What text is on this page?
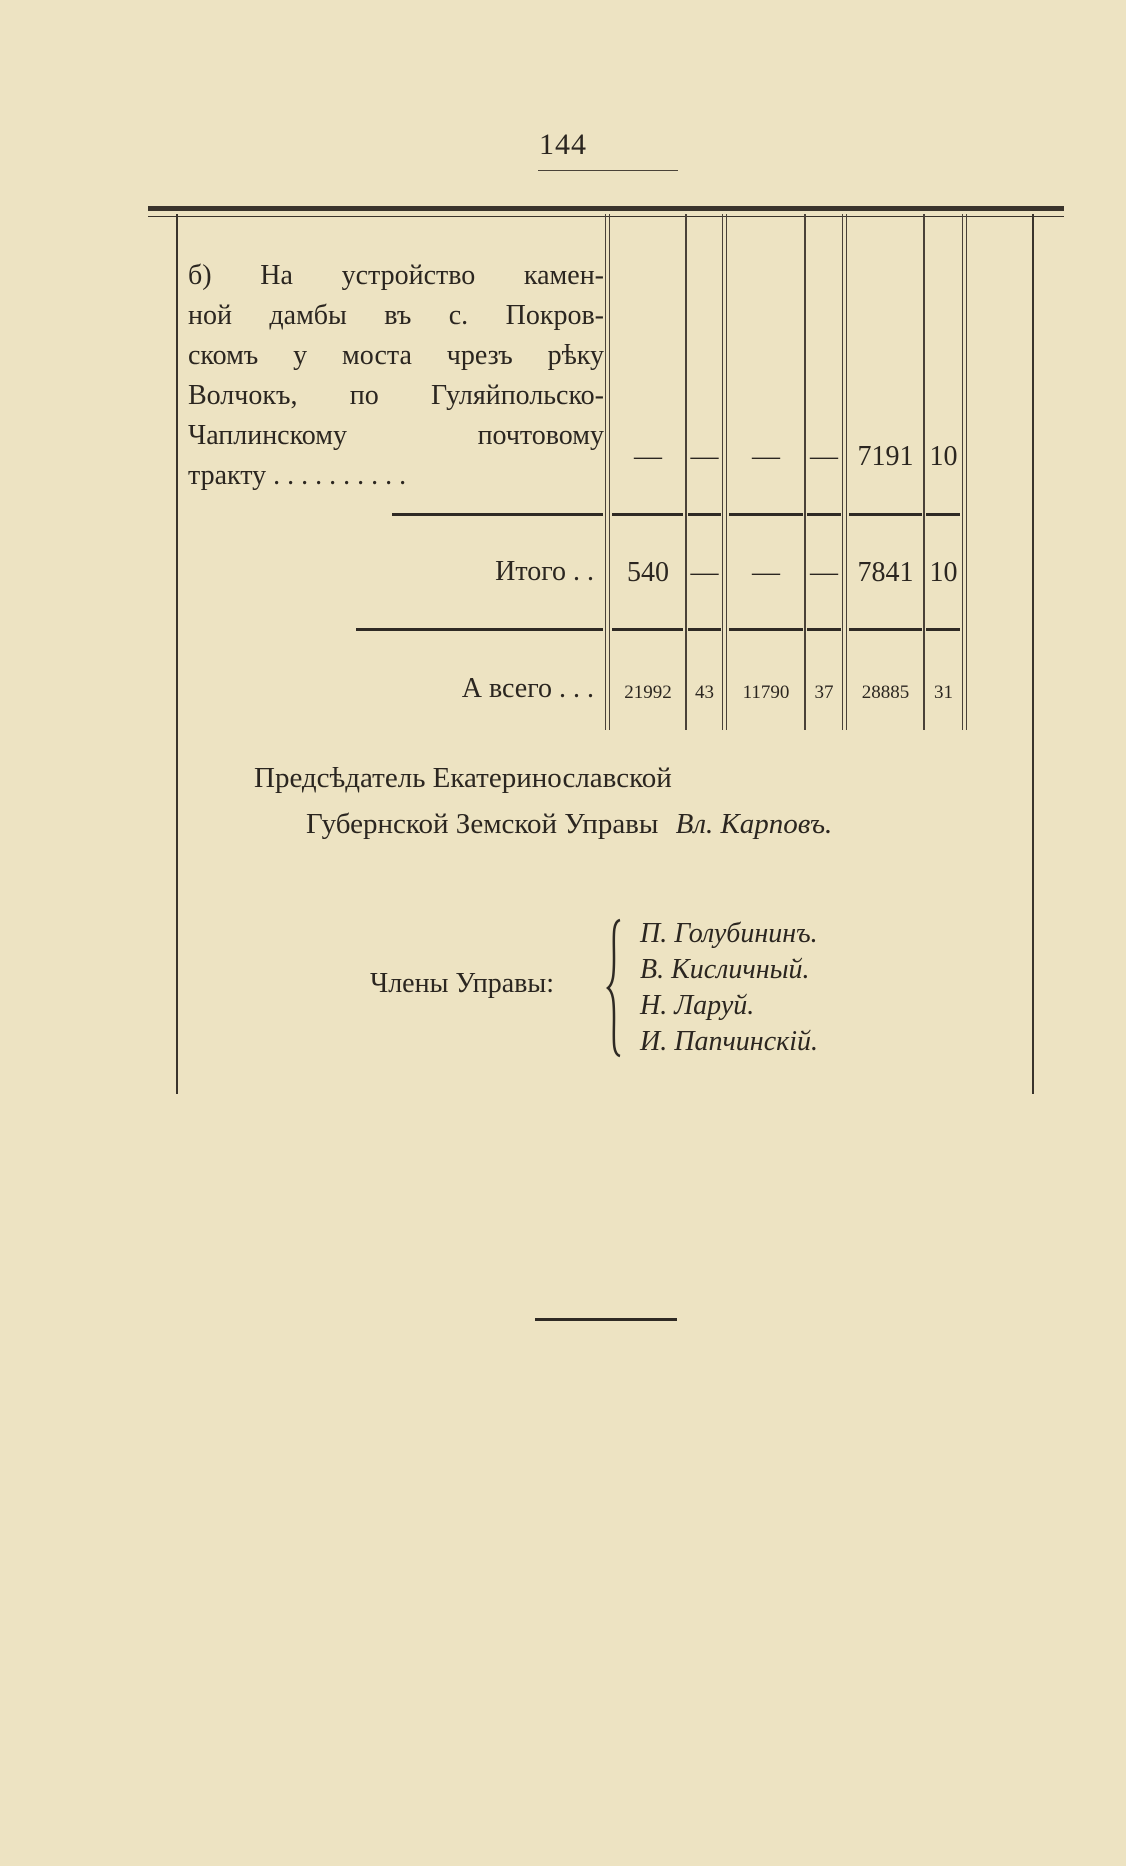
144
б) На устройство камен-
ной дамбы въ с. Покров-
скомъ у моста чрезъ рѣку
Волчокъ, по Гуляйпольско-
Чаплинскому почтовому
тракту . . . . . . . . . .
—	—	—	— 7191 10
Итого . .	540 —	—	— 7841 10
А всего . . .	21992	43	11790	37	28885	31
Предсѣдатель Екатеринославской
Губернской Земской Управы Вл. Карповъ.
Члены Управы:
П. Голубининъ.
В. Кисличный.
Н. Ларуй.
И. Папчинскій.
